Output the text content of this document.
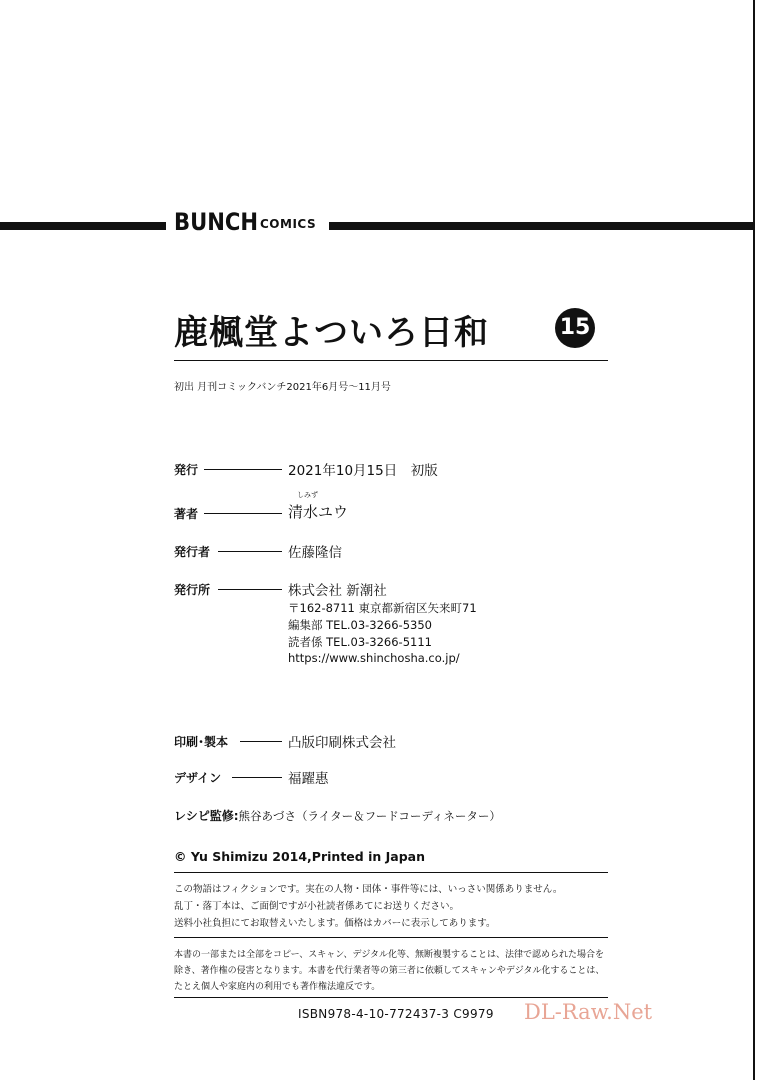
BUNCH COMICS
鹿楓堂よついろ日和	15
初出 月刊コミックバンチ2021年6月号〜11月号
発行	2021年10月15日　初版
しみず
著者	清水ユウ
発行者	佐藤隆信
発行所	株式会社 新潮社
〒162-8711 東京都新宿区矢来町71
編集部 TEL.03-3266-5350
読者係 TEL.03-3266-5111
https://www.shinchosha.co.jp/
印刷･製本	凸版印刷株式会社
デザイン	福躍惠
レシピ監修:熊谷あづさ（ライター＆フードコーディネーター）
© Yu Shimizu 2014,Printed in Japan
この物語はフィクションです。実在の人物・団体・事件等には、いっさい関係ありません。
乱丁・落丁本は、ご面倒ですが小社読者係あてにお送りください。
送料小社負担にてお取替えいたします。価格はカバーに表示してあります。
本書の一部または全部をコピー、スキャン、デジタル化等、無断複製することは、法律で認められた場合を
除き、著作権の侵害となります。本書を代行業者等の第三者に依頼してスキャンやデジタル化することは、
たとえ個人や家庭内の利用でも著作権法違反です。
ISBN978-4-10-772437-3 C9979 DL-Raw.Net
